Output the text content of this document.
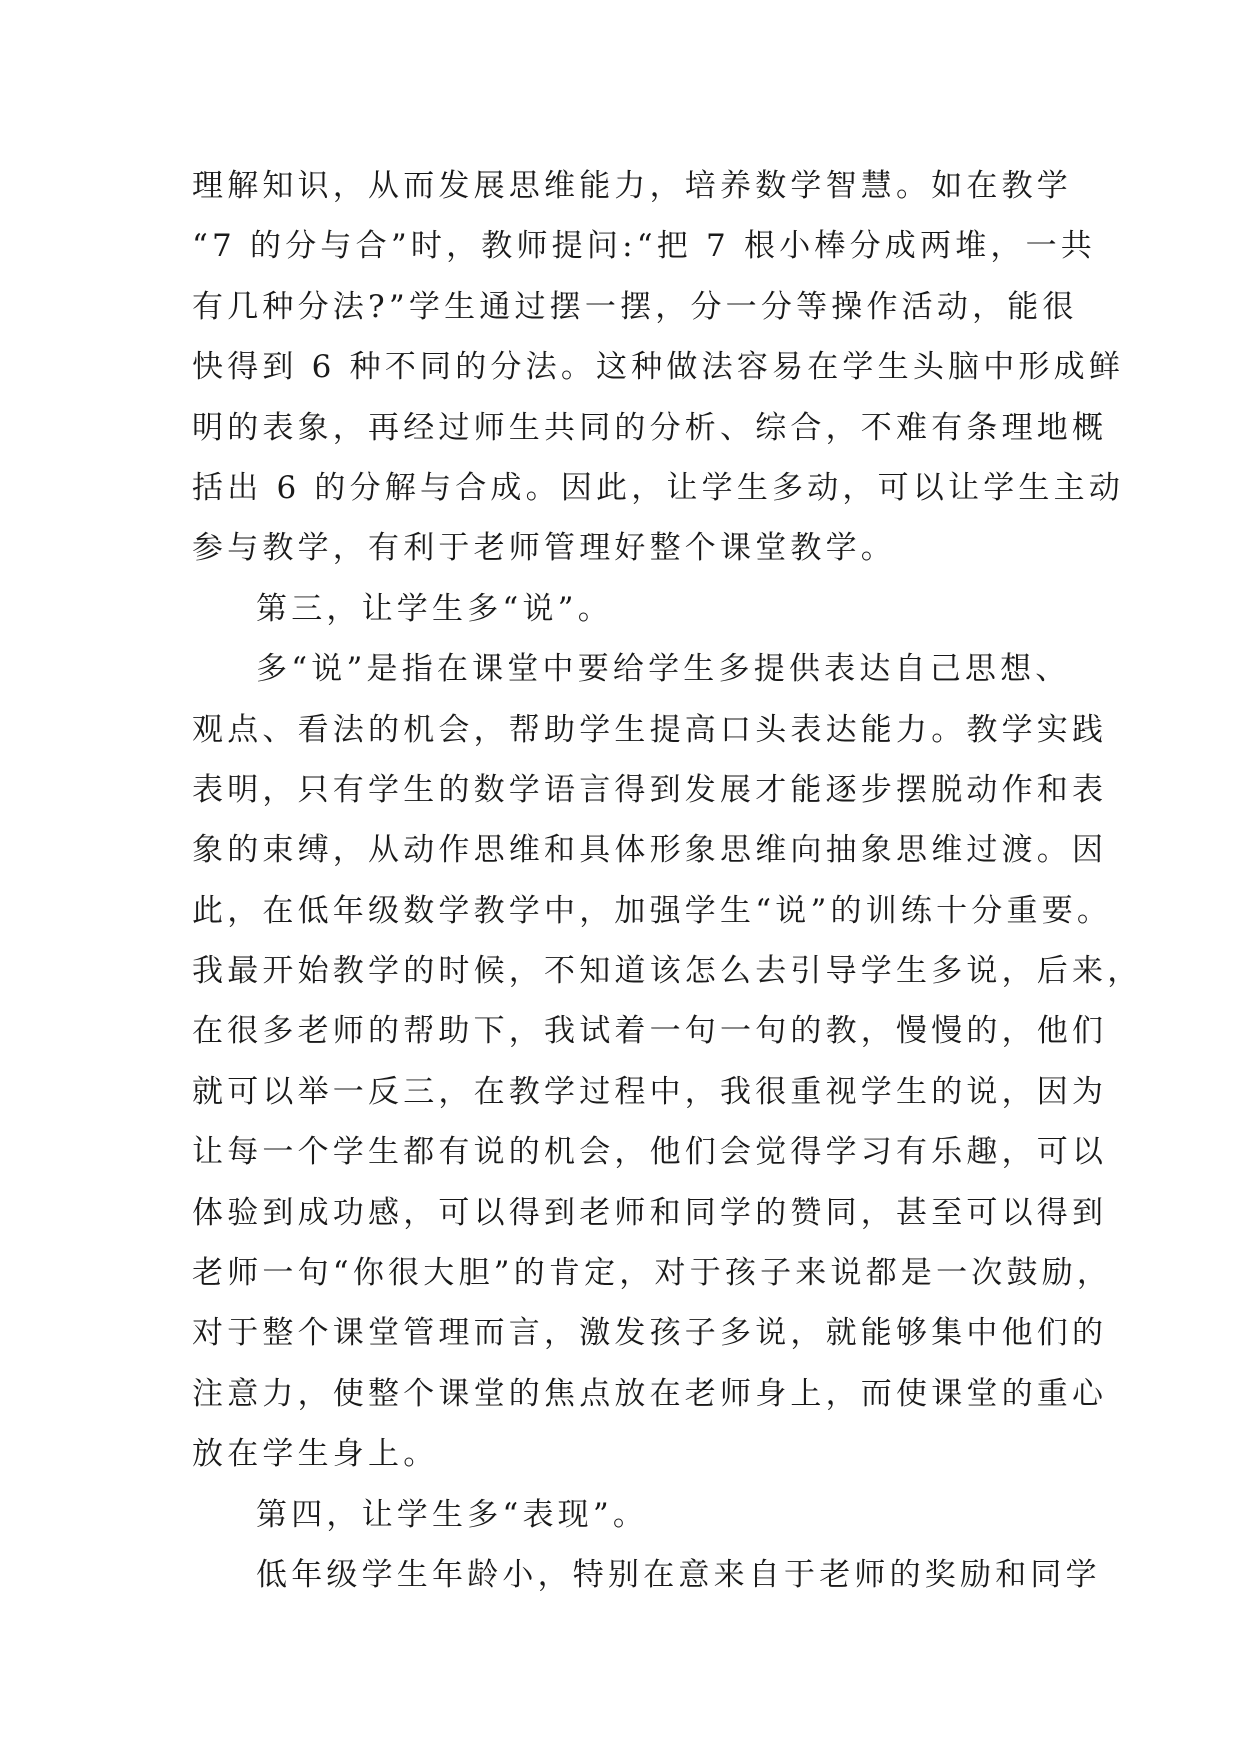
理解知识，从而发展思维能力，培养数学智慧。如在教学
“7 的分与合”时，教师提问:“把 7 根小棒分成两堆，一共
有几种分法?”学生通过摆一摆，分一分等操作活动，能很
快得到 6 种不同的分法。这种做法容易在学生头脑中形成鲜
明的表象，再经过师生共同的分析、综合，不难有条理地概
括出 6 的分解与合成。因此，让学生多动，可以让学生主动
参与教学，有利于老师管理好整个课堂教学。
第三，让学生多“说”。
多“说”是指在课堂中要给学生多提供表达自己思想、
观点、看法的机会，帮助学生提高口头表达能力。教学实践
表明，只有学生的数学语言得到发展才能逐步摆脱动作和表
象的束缚，从动作思维和具体形象思维向抽象思维过渡。因
此，在低年级数学教学中，加强学生“说”的训练十分重要。
我最开始教学的时候，不知道该怎么去引导学生多说，后来，
在很多老师的帮助下，我试着一句一句的教，慢慢的，他们
就可以举一反三，在教学过程中，我很重视学生的说，因为
让每一个学生都有说的机会，他们会觉得学习有乐趣，可以
体验到成功感，可以得到老师和同学的赞同，甚至可以得到
老师一句“你很大胆”的肯定，对于孩子来说都是一次鼓励，
对于整个课堂管理而言，激发孩子多说，就能够集中他们的
注意力，使整个课堂的焦点放在老师身上，而使课堂的重心
放在学生身上。
第四，让学生多“表现”。
低年级学生年龄小，特别在意来自于老师的奖励和同学
